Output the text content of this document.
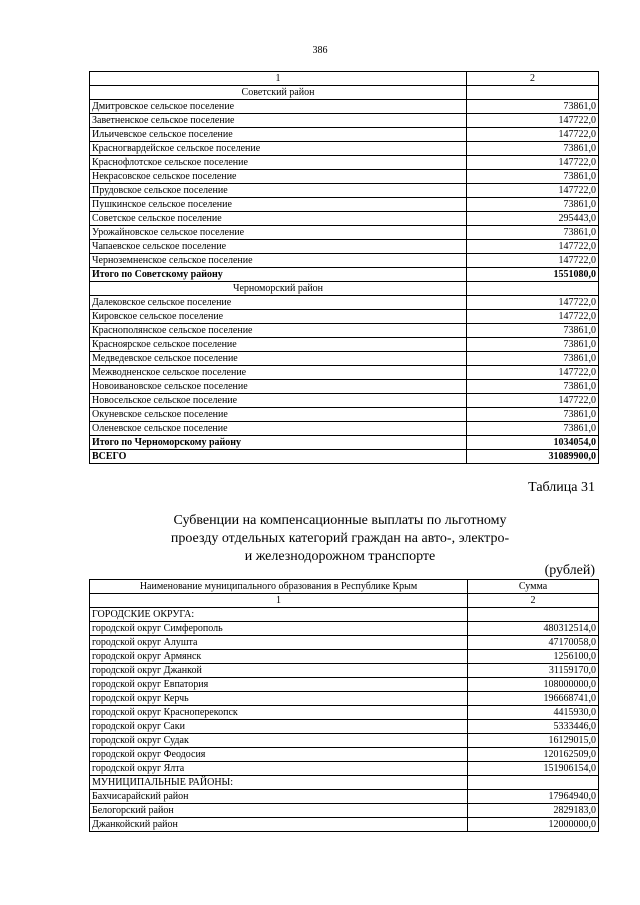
386
1	2
Советский район	
Дмитровское сельское поселение	73861,0
Заветненское сельское поселение	147722,0
Ильичевское сельское поселение	147722,0
Красногвардейское сельское поселение	73861,0
Краснофлотское сельское поселение	147722,0
Некрасовское сельское поселение	73861,0
Прудовское сельское поселение	147722,0
Пушкинское сельское поселение	73861,0
Советское сельское поселение	295443,0
Урожайновское сельское поселение	73861,0
Чапаевское сельское поселение	147722,0
Черноземненское сельское поселение	147722,0
Итого по Советскому району	1551080,0
Черноморский район	
Далековское сельское поселение	147722,0
Кировское сельское поселение	147722,0
Краснополянское сельское поселение	73861,0
Красноярское сельское поселение	73861,0
Медведевское сельское поселение	73861,0
Межводненское сельское поселение	147722,0
Новоивановское сельское поселение	73861,0
Новосельское сельское поселение	147722,0
Окуневское сельское поселение	73861,0
Оленевское сельское поселение	73861,0
Итого по Черноморскому району	1034054,0
ВСЕГО	31089900,0
Таблица 31
Субвенции на компенсационные выплаты по льготному
проезду отдельных категорий граждан на авто-, электро-
и железнодорожном транспорте
(рублей)
Наименование муниципального образования в Республике Крым	Сумма
1	2
ГОРОДСКИЕ ОКРУГА:	
городской округ Симферополь	480312514,0
городской округ Алушта	47170058,0
городской округ Армянск	1256100,0
городской округ Джанкой	31159170,0
городской округ Евпатория	108000000,0
городской округ Керчь	196668741,0
городской округ Красноперекопск	4415930,0
городской округ Саки	5333446,0
городской округ Судак	16129015,0
городской округ Феодосия	120162509,0
городской округ Ялта	151906154,0
МУНИЦИПАЛЬНЫЕ РАЙОНЫ:	
Бахчисарайский район	17964940,0
Белогорский район	2829183,0
Джанкойский район	12000000,0
